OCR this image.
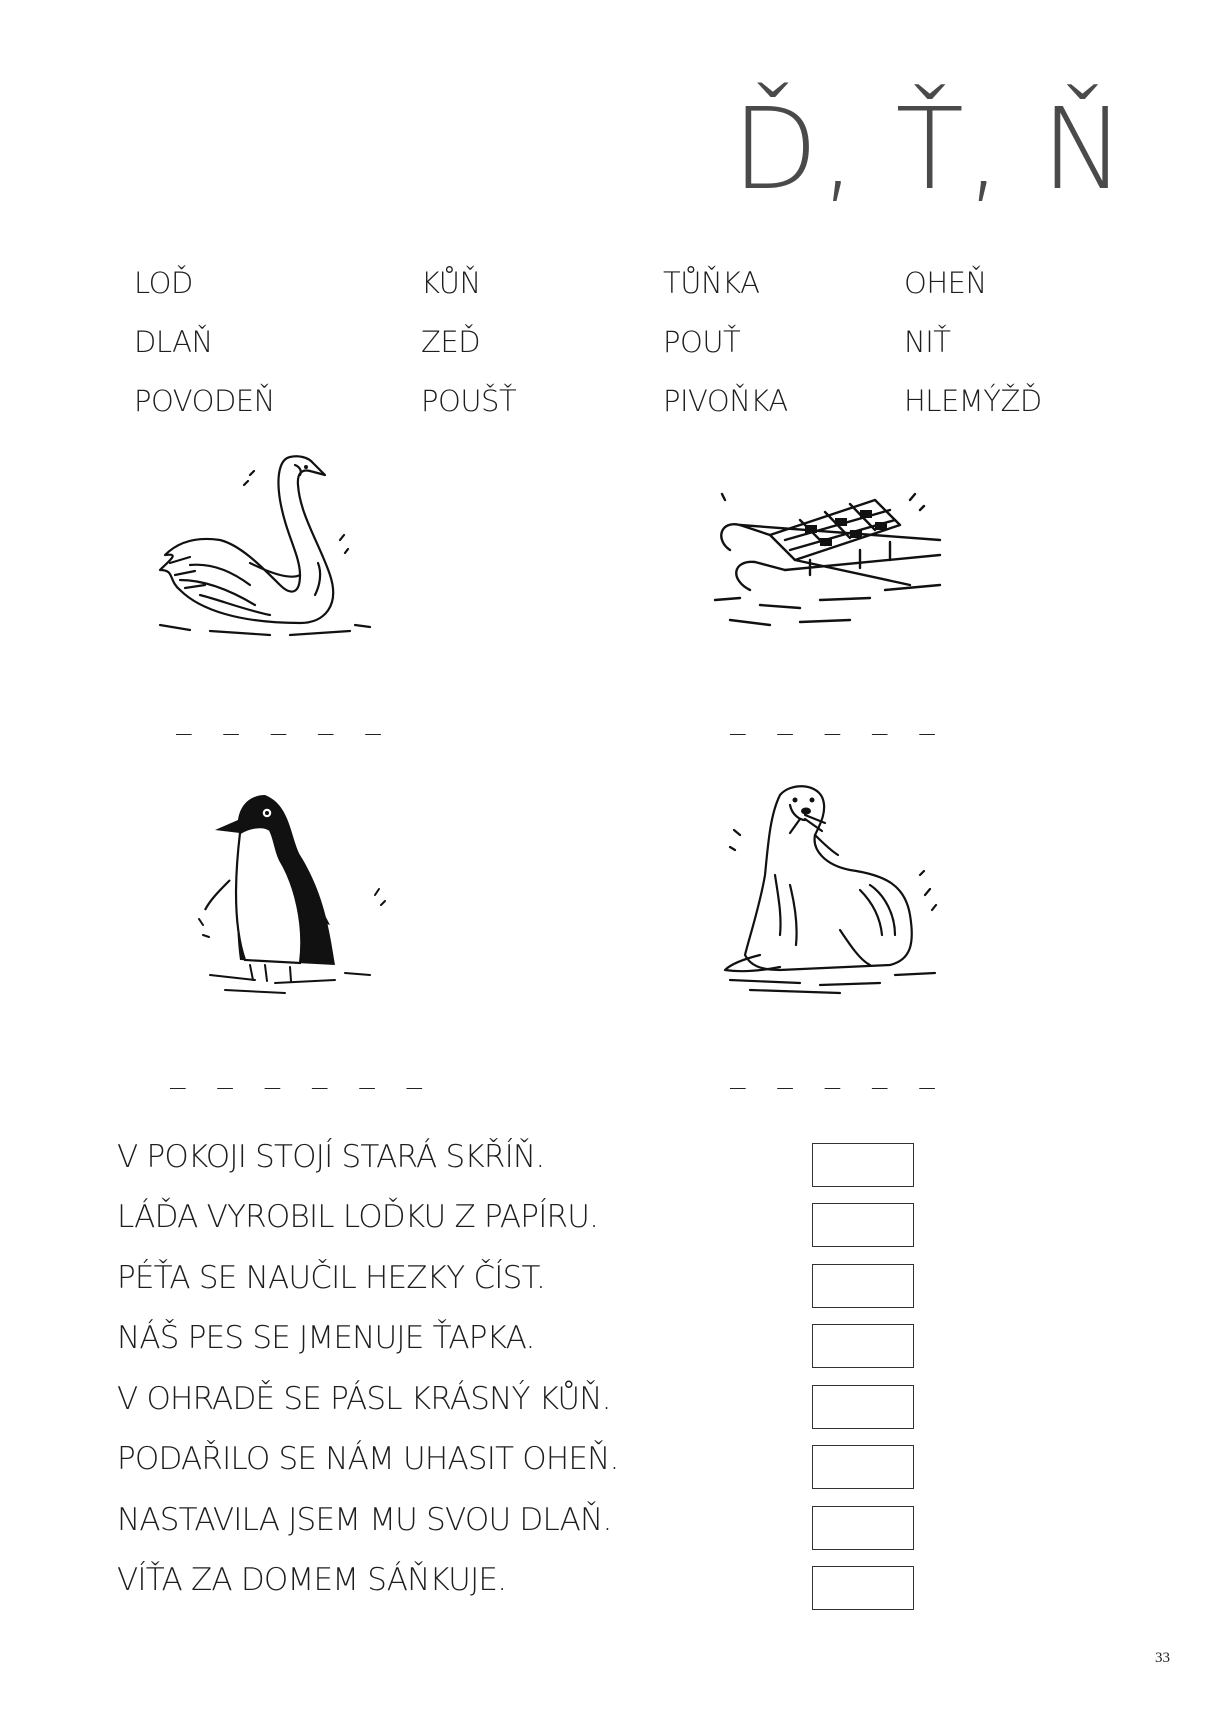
Ď, Ť, Ň
LOĎ	KŮŇ	TŮŇKA	OHEŇ
DLAŇ	ZEĎ	POUŤ	NIŤ
POVODEŇ	POUŠŤ	PIVOŇKA	HLEMÝŽĎ
_ _ _ _ _	_ _ _ _ _
_ _ _ _ _ _	_ _ _ _ _
V POKOJI STOJÍ STARÁ SKŘÍŇ.
LÁĎA VYROBIL LOĎKU Z PAPÍRU.
PÉŤA SE NAUČIL HEZKY ČÍST.
NÁŠ PES SE JMENUJE ŤAPKA.
V OHRADĚ SE PÁSL KRÁSNÝ KŮŇ.
PODAŘILO SE NÁM UHASIT OHEŇ.
NASTAVILA JSEM MU SVOU DLAŇ.
VÍŤA ZA DOMEM SÁŇKUJE.
33
